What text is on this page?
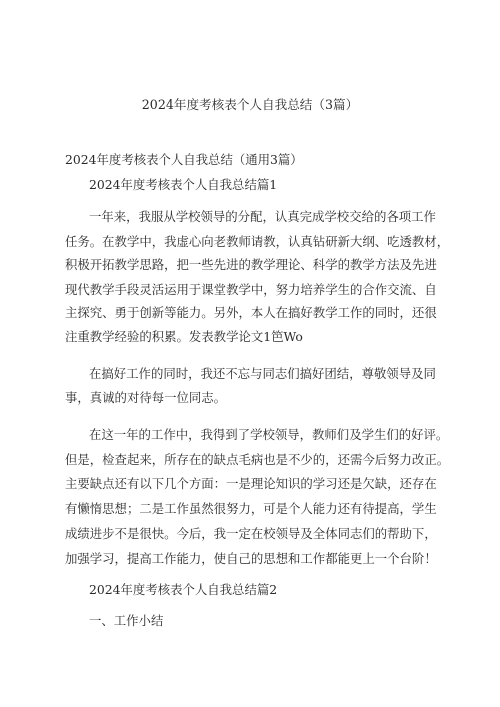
2024年度考核表个人自我总结（3篇）
2024年度考核表个人自我总结（通用3篇）
2024年度考核表个人自我总结篇1
一年来，我服从学校领导的分配，认真完成学校交给的各项工作
任务。在教学中，我虚心向老教师请教，认真钻研新大纲、吃透教材，
积极开拓教学思路，把一些先进的教学理论、科学的教学方法及先进
现代教学手段灵活运用于课堂教学中，努力培养学生的合作交流、自
主探究、勇于创新等能力。另外，本人在搞好教学工作的同时，还很
注重教学经验的积累。发表教学论文1笆Wo
在搞好工作的同时，我还不忘与同志们搞好团结，尊敬领导及同
事，真诚的对待每一位同志。
在这一年的工作中，我得到了学校领导，教师们及学生们的好评。
但是，检查起来，所存在的缺点毛病也是不少的，还需今后努力改正。
主要缺点还有以下几个方面：一是理论知识的学习还是欠缺，还存在
有懒惰思想；二是工作虽然很努力，可是个人能力还有待提高，学生
成绩进步不是很快。今后，我一定在校领导及全体同志们的帮助下，
加强学习，提高工作能力，使自己的思想和工作都能更上一个台阶！
2024年度考核表个人自我总结篇2
一、工作小结
